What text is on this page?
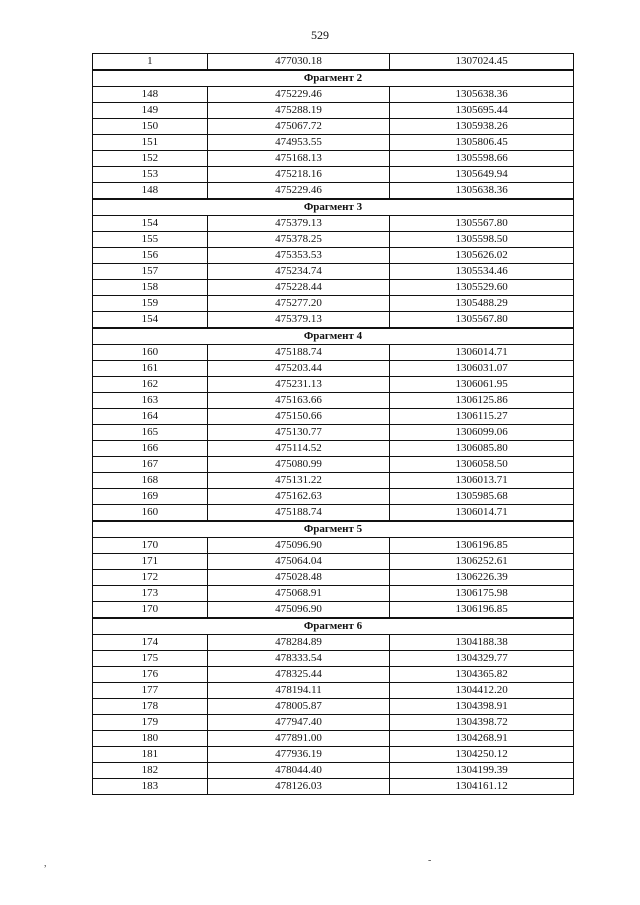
529
1	477030.18	1307024.45
Фрагмент 2		
148	475229.46	1305638.36
149	475288.19	1305695.44
150	475067.72	1305938.26
151	474953.55	1305806.45
152	475168.13	1305598.66
153	475218.16	1305649.94
148	475229.46	1305638.36
Фрагмент 3		
154	475379.13	1305567.80
155	475378.25	1305598.50
156	475353.53	1305626.02
157	475234.74	1305534.46
158	475228.44	1305529.60
159	475277.20	1305488.29
154	475379.13	1305567.80
Фрагмент 4		
160	475188.74	1306014.71
161	475203.44	1306031.07
162	475231.13	1306061.95
163	475163.66	1306125.86
164	475150.66	1306115.27
165	475130.77	1306099.06
166	475114.52	1306085.80
167	475080.99	1306058.50
168	475131.22	1306013.71
169	475162.63	1305985.68
160	475188.74	1306014.71
Фрагмент 5		
170	475096.90	1306196.85
171	475064.04	1306252.61
172	475028.48	1306226.39
173	475068.91	1306175.98
170	475096.90	1306196.85
Фрагмент 6		
174	478284.89	1304188.38
175	478333.54	1304329.77
176	478325.44	1304365.82
177	478194.11	1304412.20
178	478005.87	1304398.91
179	477947.40	1304398.72
180	477891.00	1304268.91
181	477936.19	1304250.12
182	478044.40	1304199.39
183	478126.03	1304161.12
,	-
